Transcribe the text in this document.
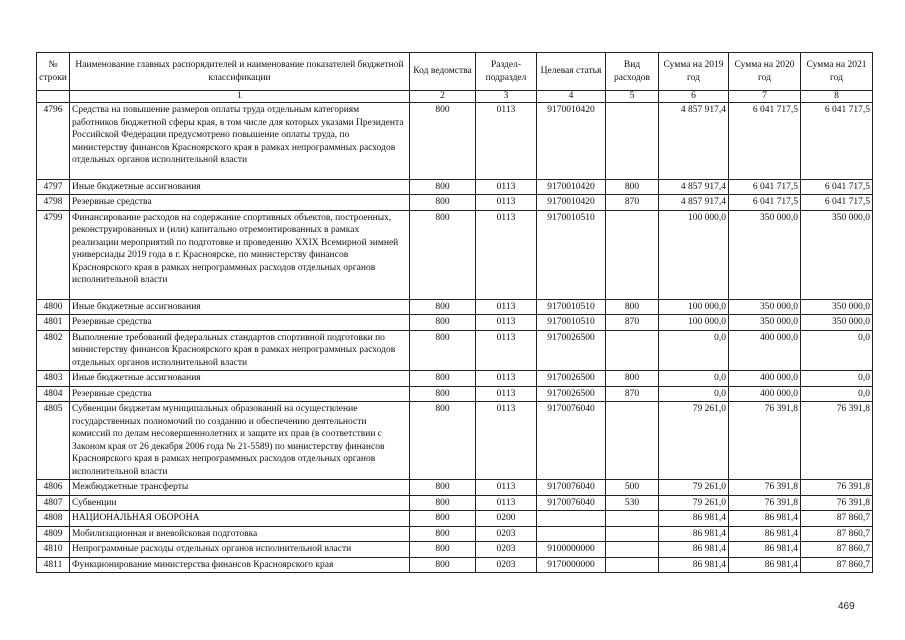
№ строки	Наименование главных распорядителей и наименование показателей бюджетной классификации	Код ведомства	Раздел-подраздел	Целевая статья	Вид расходов	Сумма на 2019 год	Сумма на 2020 год	Сумма на 2021 год
	1	2	3	4	5	6	7	8
4796	Средства на повышение размеров оплаты труда отдельным категориям работников бюджетной сферы края, в том числе для которых указами Президента Российской Федерации предусмотрено повышение оплаты труда, по министерству финансов Красноярского края в рамках непрограммных расходов отдельных органов исполнительной власти	800	0113	9170010420		4 857 917,4	6 041 717,5	6 041 717,5
4797	Иные бюджетные ассигнования	800	0113	9170010420	800	4 857 917,4	6 041 717,5	6 041 717,5
4798	Резервные средства	800	0113	9170010420	870	4 857 917,4	6 041 717,5	6 041 717,5
4799	Финансирование расходов на содержание спортивных объектов, построенных, реконструированных и (или) капитально отремонтированных в рамках реализации мероприятий по подготовке и проведению XXIX Всемирной зимней универсиады 2019 года в г. Красноярске, по министерству финансов Красноярского края в рамках непрограммных расходов отдельных органов исполнительной власти	800	0113	9170010510		100 000,0	350 000,0	350 000,0
4800	Иные бюджетные ассигнования	800	0113	9170010510	800	100 000,0	350 000,0	350 000,0
4801	Резервные средства	800	0113	9170010510	870	100 000,0	350 000,0	350 000,0
4802	Выполнение требований федеральных стандартов спортивной подготовки по министерству финансов Красноярского края в рамках непрограммных расходов отдельных органов исполнительной власти	800	0113	9170026500		0,0	400 000,0	0,0
4803	Иные бюджетные ассигнования	800	0113	9170026500	800	0,0	400 000,0	0,0
4804	Резервные средства	800	0113	9170026500	870	0,0	400 000,0	0,0
4805	Субвенции бюджетам муниципальных образований на осуществление государственных полномочий по созданию и обеспечению деятельности комиссий по делам несовершеннолетних и защите их прав (в соответствии с Законом края от 26 декабря 2006 года № 21-5589) по министерству финансов Красноярского края в рамках непрограммных расходов отдельных органов исполнительной власти	800	0113	9170076040		79 261,0	76 391,8	76 391,8
4806	Межбюджетные трансферты	800	0113	9170076040	500	79 261,0	76 391,8	76 391,8
4807	Субвенции	800	0113	9170076040	530	79 261,0	76 391,8	76 391,8
4808	НАЦИОНАЛЬНАЯ ОБОРОНА	800	0200			86 981,4	86 981,4	87 860,7
4809	Мобилизационная и вневойсковая подготовка	800	0203			86 981,4	86 981,4	87 860,7
4810	Непрограммные расходы отдельных органов исполнительной власти	800	0203	9100000000		86 981,4	86 981,4	87 860,7
4811	Функционирование министерства финансов Красноярского края	800	0203	9170000000		86 981,4	86 981,4	87 860,7
469
